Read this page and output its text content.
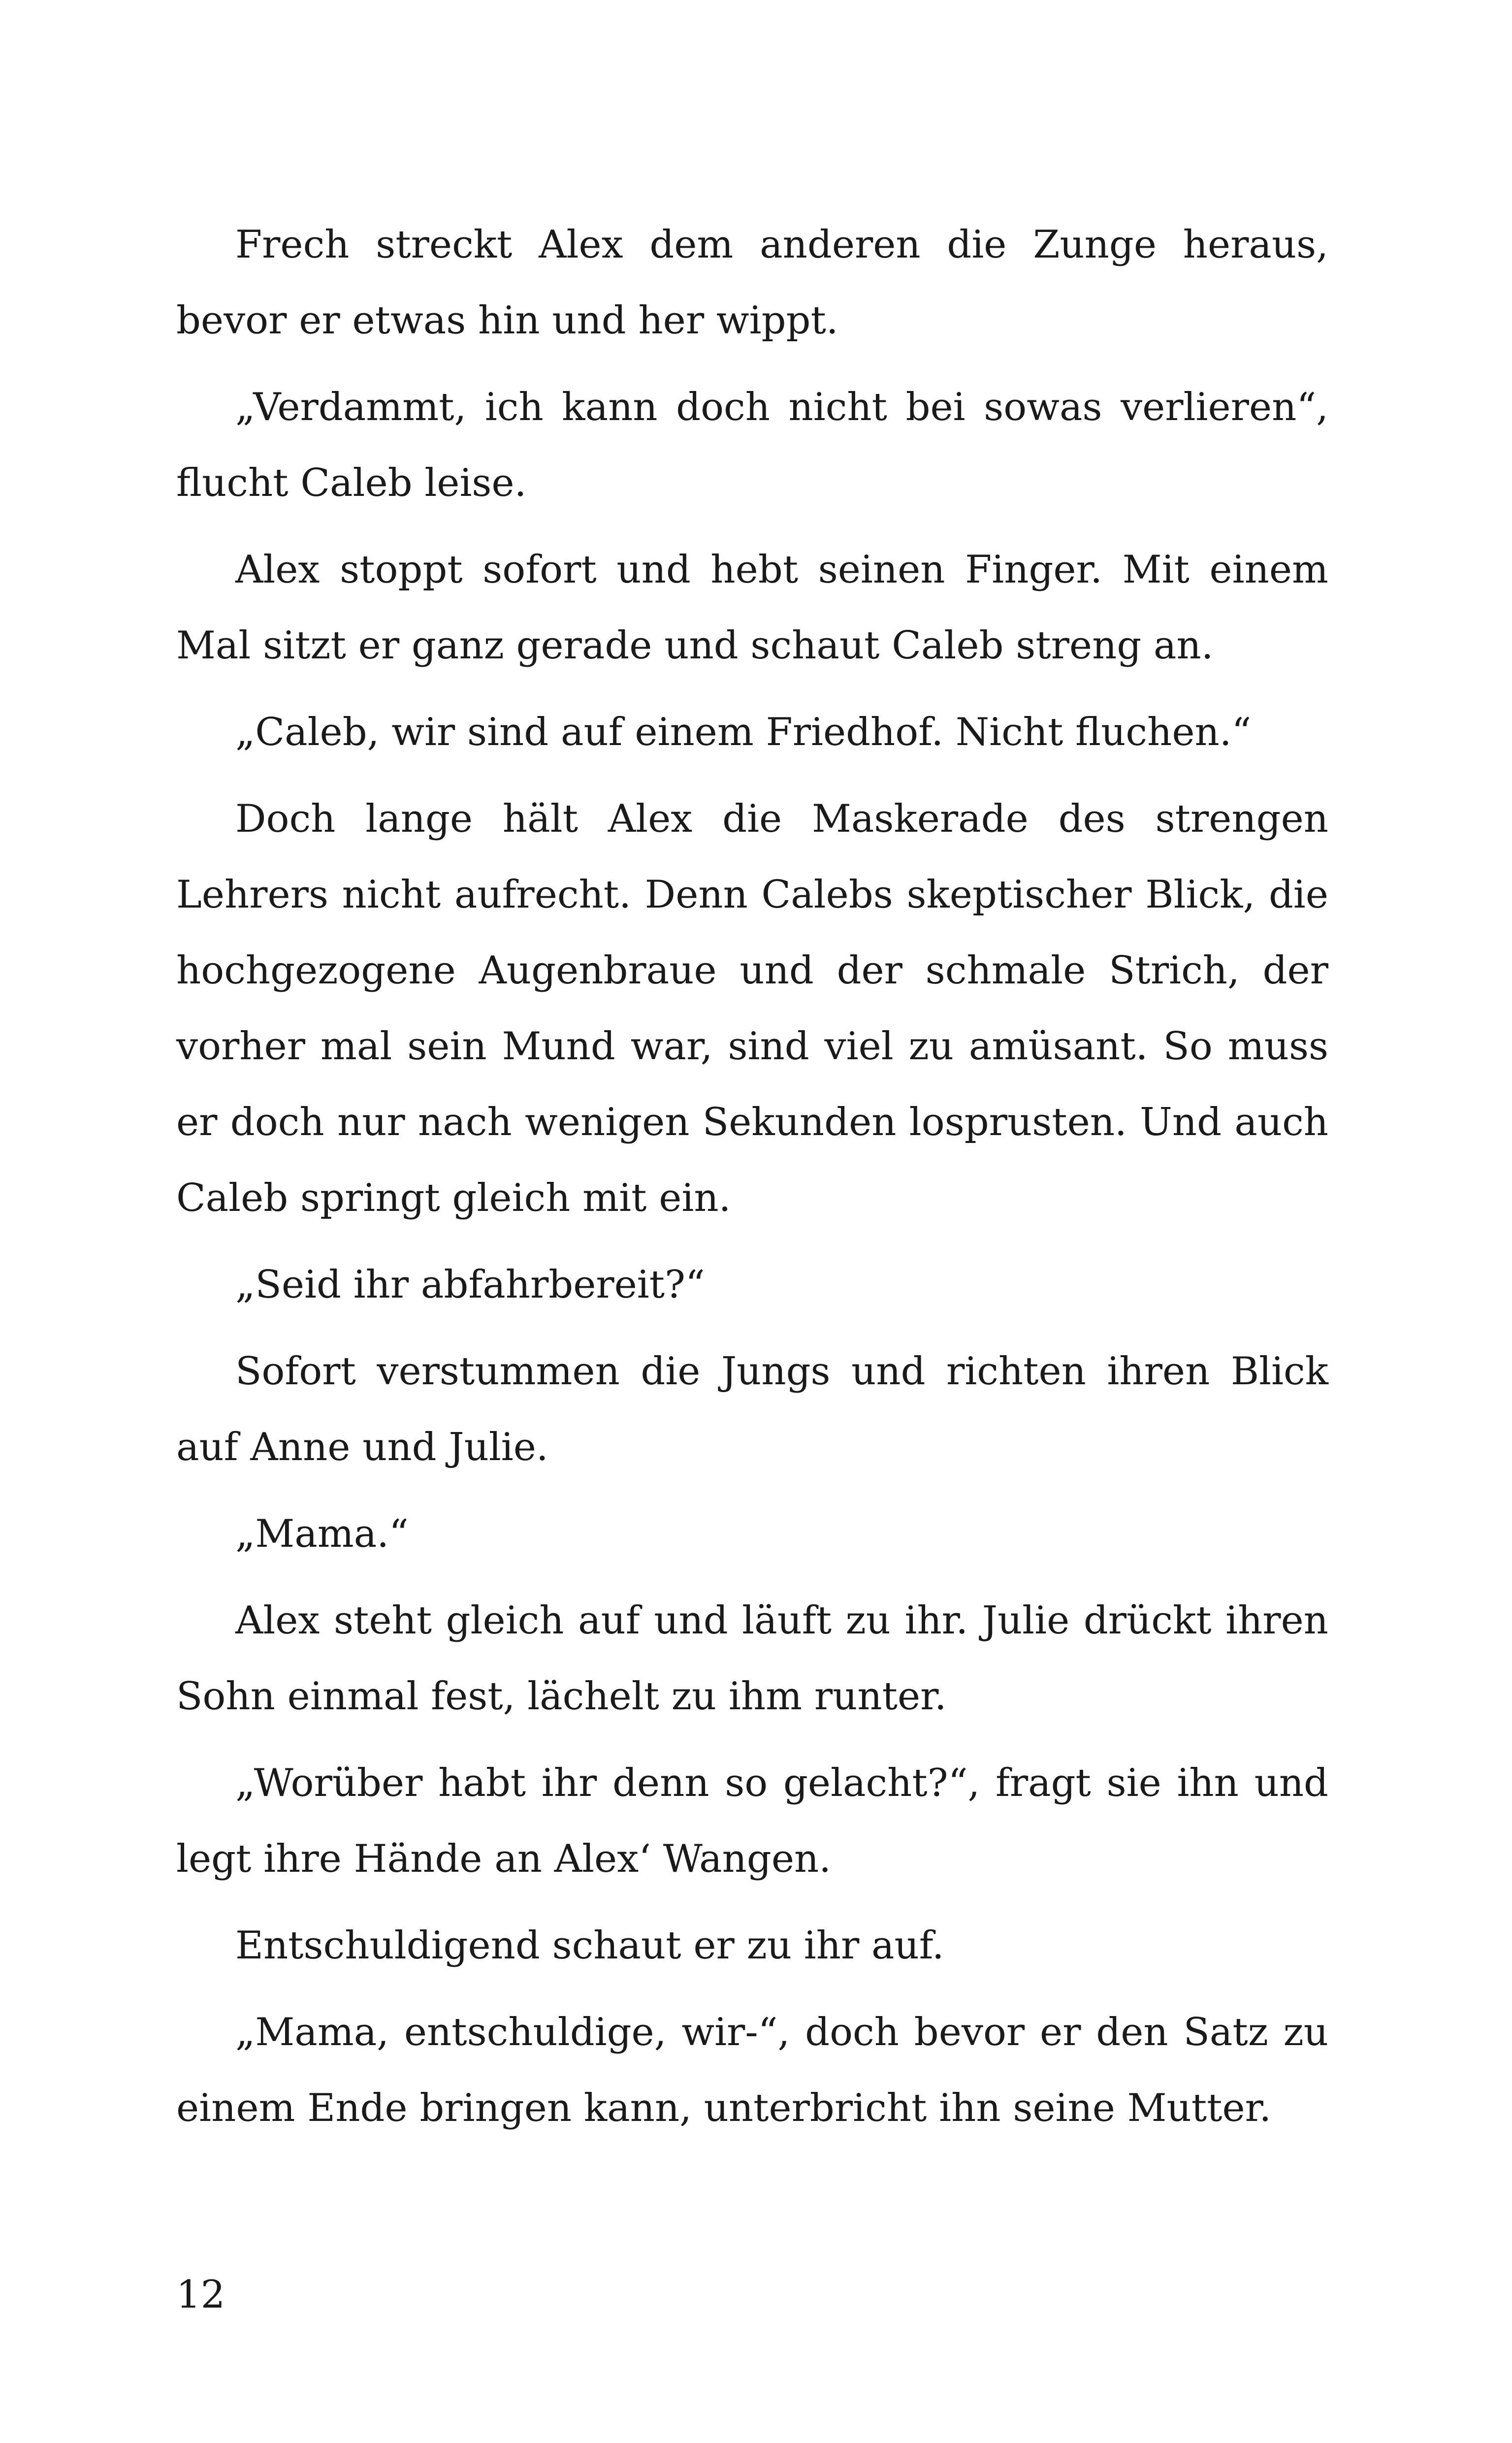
Frech streckt Alex dem anderen die Zunge heraus, bevor er etwas hin und her wippt.

„Verdammt, ich kann doch nicht bei sowas verlieren“, flucht Caleb leise.

Alex stoppt sofort und hebt seinen Finger. Mit einem Mal sitzt er ganz gerade und schaut Caleb streng an.

„Caleb, wir sind auf einem Friedhof. Nicht fluchen.“

Doch lange hält Alex die Maskerade des strengen Lehrers nicht aufrecht. Denn Calebs skeptischer Blick, die hochgezogene Augenbraue und der schmale Strich, der vorher mal sein Mund war, sind viel zu amüsant. So muss er doch nur nach wenigen Sekunden losprusten. Und auch Caleb springt gleich mit ein.

„Seid ihr abfahrbereit?“

Sofort verstummen die Jungs und richten ihren Blick auf Anne und Julie.

„Mama.“

Alex steht gleich auf und läuft zu ihr. Julie drückt ihren Sohn einmal fest, lächelt zu ihm runter.

„Worüber habt ihr denn so gelacht?“, fragt sie ihn und legt ihre Hände an Alex‘ Wangen.

Entschuldigend schaut er zu ihr auf.

„Mama, entschuldige, wir-“, doch bevor er den Satz zu einem Ende bringen kann, unterbricht ihn seine Mutter.

12
